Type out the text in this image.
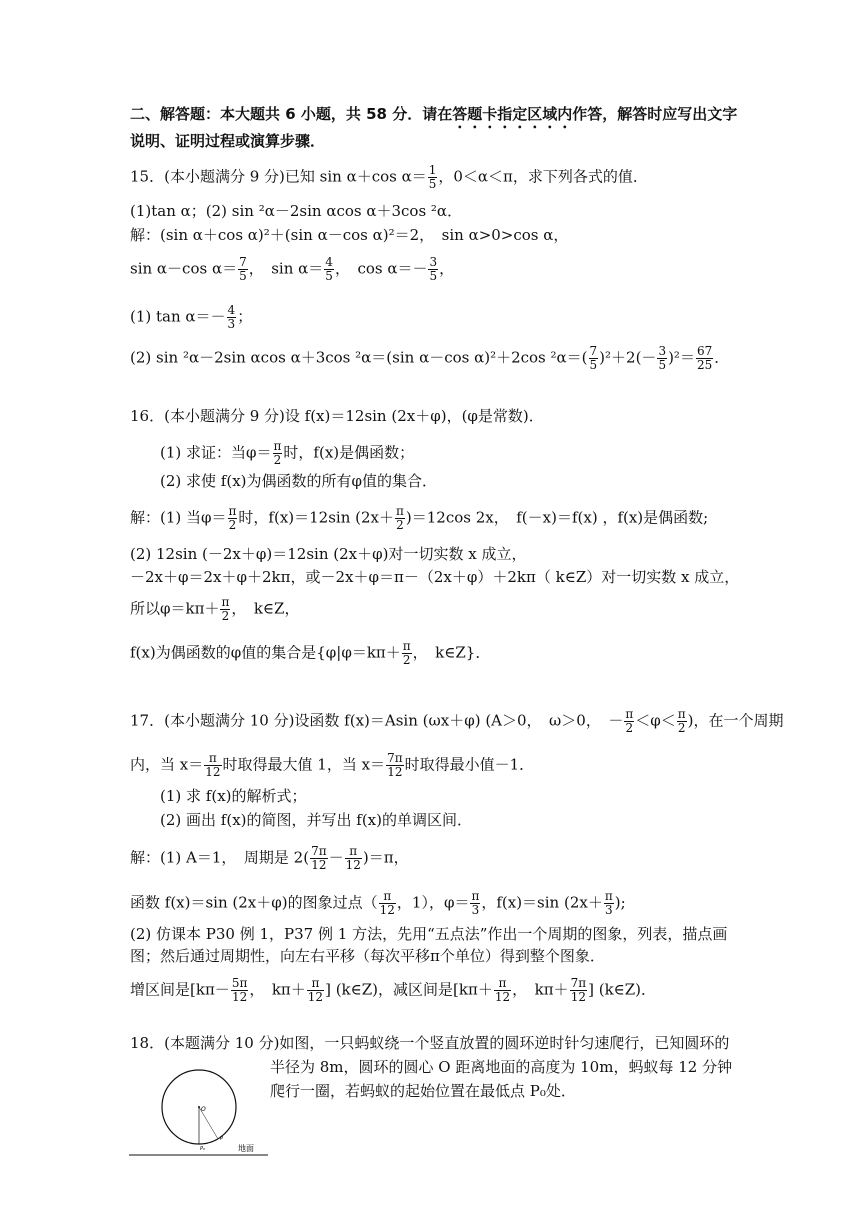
二、解答题：本大题共 6 小题，共 58 分．请在答题卡指定区域内作答，解答时应写出文字
说明、证明过程或演算步骤．
15．(本小题满分 9 分)已知 sin α＋cos $\alpha= \frac{1}{5}$ ，0＜α＜π，求下列各式的值．
(1)tan α；(2) sin ²α－2sin αcos α＋3cos ²α．
解：(sin α＋cos α)²＋(sin α－cos α)²＝2，　sin α>0>cos α，
sin α－cos $\alpha= \frac{7}{5}$ ，　$\sin \alpha= \frac{4}{5}$ ，　$\cos \alpha=- \frac{3}{5}$ ，
(1) $\tan \alpha=- \frac{4}{3}$ ；
(2) sin ²α－2sin αcos α＋3cos ²α＝(sin α－cos α)²＋2cos $^2\alpha=( \frac{7}{5} )^2+2(- \frac{3}{5} )^2= \frac{67}{25}$ ．
16．(本小题满分 9 分)设 f(x)＝12sin (2x＋φ)，(φ是常数)．
(1) 求证：当$\varphi= \frac{\pi}{2}$ 时，f(x)是偶函数；
(2) 求使 f(x)为偶函数的所有φ值的集合．
解：(1) 当$\varphi= \frac{\pi}{2}$ 时，f(x)＝12sin $(2x+ \frac{\pi}{2} )=12\cos$ 2x，　f(－x)＝f(x) ，f(x)是偶函数;
(2) 12sin (－2x＋φ)＝12sin (2x＋φ)对一切实数 x 成立，
－2x＋φ＝2x＋φ＋2kπ，或－2x＋φ＝π－（2x＋φ）＋2kπ（ k∈Z）对一切实数 x 成立，
所以$\varphi=k\pi+ \frac{\pi}{2}$ ，　k∈Z，
f(x)为偶函数的φ值的集合是{$\varphi|\varphi=k\pi+ \frac{\pi}{2}$ ，　k∈Z}．
17．(本小题满分 10 分)设函数 f(x)＝Asin (ωx＋φ) (A＞0，　ω＞0，　－ $\frac{\pi}{2} <\varphi< \frac{\pi}{2}$ )，在一个周期
内，当 $x= \frac{\pi}{12}$ 时取得最大值 1，当 $x= \frac{7\pi}{12}$ 时取得最小值－1．
(1) 求 f(x)的解析式；
(2) 画出 f(x)的简图，并写出 f(x)的单调区间．
解：(1) A＝1，　周期是 $2( \frac{7\pi}{12} - \frac{\pi}{12} )=\pi$，
函数 f(x)＝sin (2x＋φ)的图象过点（ $\frac{\pi}{12}$ ，1），$\varphi= \frac{\pi}{3}$ ，f(x)＝sin ($2x+ \frac{\pi}{3}$ );
(2) 仿课本 P30 例 1，P37 例 1 方法，先用“五点法”作出一个周期的图象，列表，描点画
图；然后通过周期性，向左右平移（每次平移π个单位）得到整个图象．
增区间是[$k\pi- \frac{5\pi}{12}$ ，　$k\pi+ \frac{\pi}{12}$ ] (k∈Z)，减区间是[$k\pi+ \frac{\pi}{12}$ ，　$k\pi+ \frac{7\pi}{12}$ ] (k∈Z)．
18．(本题满分 10 分)如图，一只蚂蚁绕一个竖直放置的圆环逆时针匀速爬行，已知圆环的
半径为 8m，圆环的圆心 O 距离地面的高度为 10m，蚂蚁每 12 分钟
爬行一圈，若蚂蚁的起始位置在最低点 P₀处．
O
P
P₀	地面
